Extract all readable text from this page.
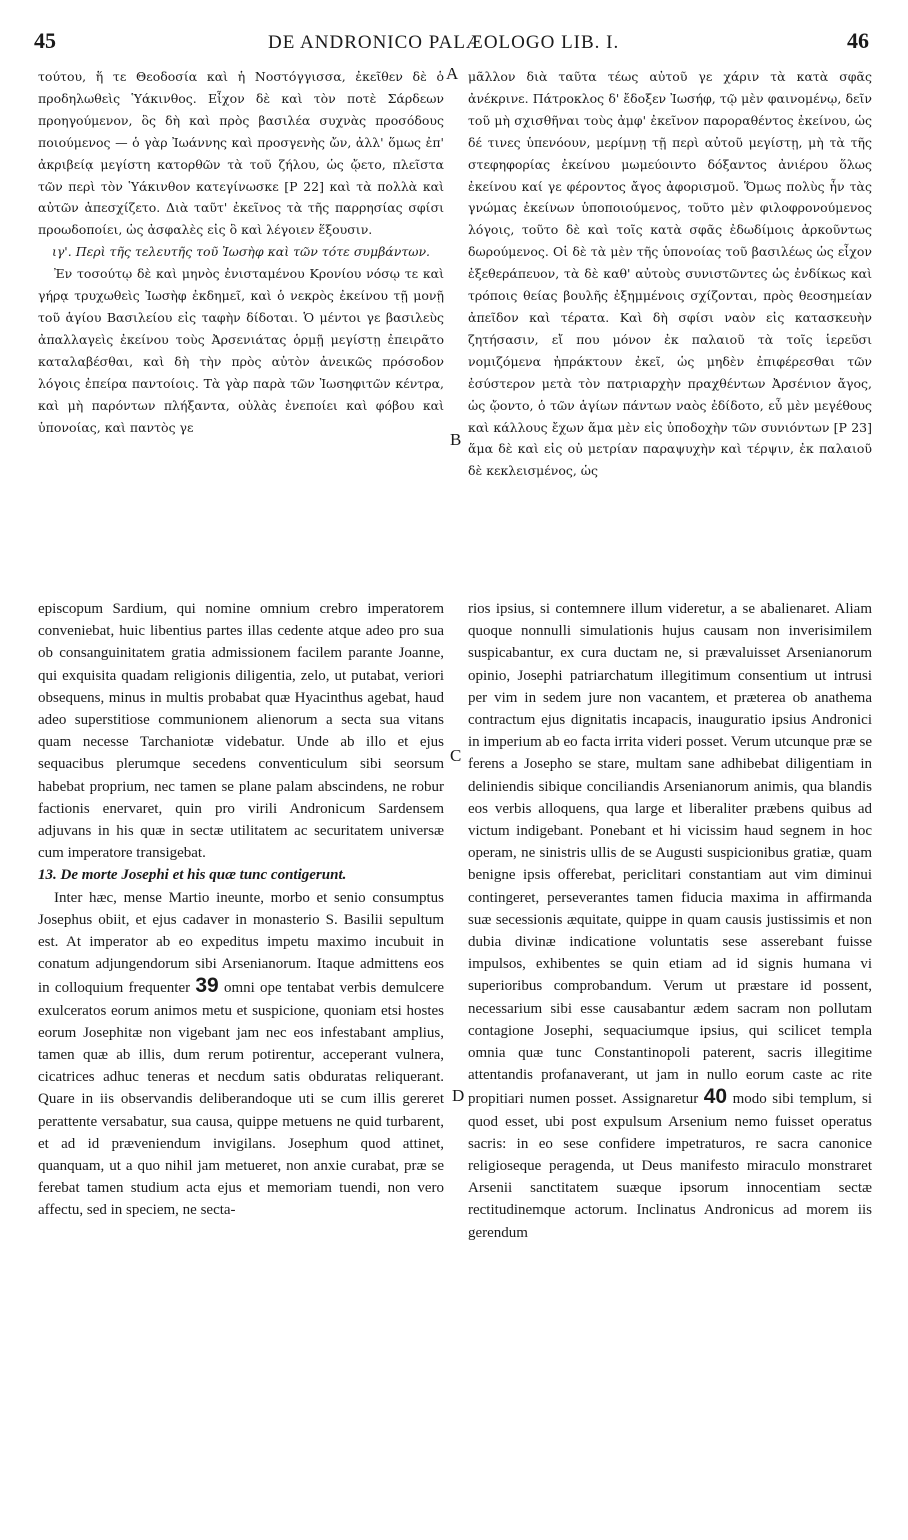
45	DE ANDRONICO PALÆOLOGO LIB. I.	46

τούτου, ἥ τε Θεοδοσία καὶ ἡ Νοστόγγισσα, ἐκεῖθεν δὲ ὁ προδηλωθεὶς Ὑάκινθος. Εἶχον δὲ καὶ τὸν ποτὲ Σάρδεων προηγούμενον, ὃς δὴ καὶ πρὸς βασιλέα συχνὰς προσόδους ποιούμενος — ὁ γὰρ Ἰωάννης καὶ προσγενὴς ὤν, ἀλλ' ὅμως ἐπ' ἀκριβείᾳ μεγίστη κατορθῶν τὰ τοῦ ζήλου, ὡς ᾤετο, πλεῖστα τῶν περὶ τὸν Ὑάκινθον κατεγίνωσκε [P 22] καὶ τὰ πολλὰ καὶ αὐτῶν ἀπεσχίζετο. Διὰ ταῦτ' ἐκεῖνος τὰ τῆς παρρησίας σφίσι προωδοποίει, ὡς ἀσφαλὲς εἰς ὃ καὶ λέγοιεν ἕξουσιν.

ιγ'. Περὶ τῆς τελευτῆς τοῦ Ἰωσὴφ καὶ τῶν τότε συμβάντων.

Ἐν τοσούτῳ δὲ καὶ μηνὸς ἐνισταμένου Κρονίου νόσῳ τε καὶ γήρᾳ τρυχωθεὶς Ἰωσὴφ ἐκδημεῖ, καὶ ὁ νεκρὸς ἐκείνου τῇ μονῇ τοῦ ἁγίου Βασιλείου εἰς ταφὴν δίδοται. Ὁ μέντοι γε βασιλεὺς ἀπαλλαγεὶς ἐκείνου τοὺς Ἀρσενιάτας ὁρμῇ μεγίστῃ ἐπειρᾶτο καταλαβέσθαι, καὶ δὴ τὴν πρὸς αὐτὸν ἀνεικῶς πρόσοδον λόγοις ἐπείρα παντοίοις. Τὰ γὰρ παρὰ τῶν Ἰωσηφιτῶν κέντρα, καὶ μὴ παρόντων πλήξαντα, οὐλὰς ἐνεποίει καὶ φόβου καὶ ὑπονοίας, καὶ παντὸς γε

μᾶλλον διὰ ταῦτα τέως αὐτοῦ γε χάριν τὰ κατὰ σφᾶς ἀνέκρινε. Πάτροκλος δ' ἔδοξεν Ἰωσήφ, τῷ μὲν φαινομένῳ, δεῖν τοῦ μὴ σχισθῆναι τοὺς ἀμφ' ἐκεῖνον παροραθέντος ἐκείνου, ὡς δέ τινες ὑπενόουν, μερίμνῃ τῇ περὶ αὐτοῦ μεγίστῃ, μὴ τὰ τῆς στεφηφορίας ἐκείνου μωμεύοιντο δόξαντος ἀνιέρου ὅλως ἐκείνου καί γε φέροντος ἄγος ἀφορισμοῦ. Ὅμως πολὺς ἦν τὰς γνώμας ἐκείνων ὑποποιούμενος, τοῦτο μὲν φιλοφρονούμενος λόγοις, τοῦτο δὲ καὶ τοῖς κατὰ σφᾶς ἐδωδίμοις ἀρκοῦντως δωρούμενος. Οἱ δὲ τὰ μὲν τῆς ὑπονοίας τοῦ βασιλέως ὡς εἶχον ἐξεθεράπευον, τὰ δὲ καθ' αὐτοὺς συνιστῶντες ὡς ἐνδίκως καὶ τρόποις θείας βουλῆς ἐξημμένοις σχίζονται, πρὸς θεοσημείαν ἀπεῖδον καὶ τέρατα. Καὶ δὴ σφίσι ναὸν εἰς κατασκευὴν ζητήσασιν, εἴ που μόνον ἐκ παλαιοῦ τὰ τοῖς ἱερεῦσι νομιζόμενα ἠπράκτουν ἐκεῖ, ὡς μηδὲν ἐπιφέρεσθαι τῶν ἐσύστερον μετὰ τὸν πατριαρχὴν πραχθέντων Ἀρσένιον ἄγος, ὡς ᾤοντο, ὁ τῶν ἁγίων πάντων ναὸς ἐδίδοτο, εὖ μὲν μεγέθους καὶ κάλλους ἔχων ἅμα μὲν εἰς ὑποδοχὴν τῶν συνιόντων [P 23] ἅμα δὲ καὶ εἰς οὐ μετρίαν παραψυχὴν καὶ τέρψιν, ἐκ παλαιοῦ δὲ κεκλεισμένος, ὡς

A
B
C
D

episcopum Sardium, qui nomine omnium crebro imperatorem conveniebat, huic libentius partes illas cedente atque adeo pro sua ob consanguinitatem gratia admissionem facilem parante Joanne, qui exquisita quadam religionis diligentia, zelo, ut putabat, veriori obsequens, minus in multis probabat quæ Hyacinthus agebat, haud adeo superstitiose communionem alienorum a secta sua vitans quam necesse Tarchaniotæ videbatur. Unde ab illo et ejus sequacibus plerumque secedens conventiculum sibi seorsum habebat proprium, nec tamen se plane palam abscindens, ne robur factionis enervaret, quin pro virili Andronicum Sardensem adjuvans in his quæ in sectæ utilitatem ac securitatem universæ cum imperatore transigebat.

13. De morte Josephi et his quæ tunc contigerunt.

Inter hæc, mense Martio ineunte, morbo et senio consumptus Josephus obiit, et ejus cadaver in monasterio S. Basilii sepultum est. At imperator ab eo expeditus impetu maximo incubuit in conatum adjungendorum sibi Arsenianorum. Itaque admittens eos in colloquium frequenter 39 omni ope tentabat verbis demulcere exulceratos eorum animos metu et suspicione, quoniam etsi hostes eorum Josephitæ non vigebant jam nec eos infestabant amplius, tamen quæ ab illis, dum rerum potirentur, acceperant vulnera, cicatrices adhuc teneras et necdum satis obduratas reliquerant. Quare in iis observandis deliberandoque uti se cum illis gereret perattente versabatur, sua causa, quippe metuens ne quid turbarent, et ad id præveniendum invigilans. Josephum quod attinet, quanquam, ut a quo nihil jam metueret, non anxie curabat, præ se ferebat tamen studium acta ejus et memoriam tuendi, non vero affectu, sed in speciem, ne secta-

rios ipsius, si contemnere illum videretur, a se abalienaret. Aliam quoque nonnulli simulationis hujus causam non inverisimilem suspicabantur, ex cura ductam ne, si prævaluisset Arsenianorum opinio, Josephi patriarchatum illegitimum consentium ut intrusi per vim in sedem jure non vacantem, et præterea ob anathema contractum ejus dignitatis incapacis, inauguratio ipsius Andronici in imperium ab eo facta irrita videri posset. Verum utcunque præ se ferens a Josepho se stare, multam sane adhibebat diligentiam in deliniendis sibique conciliandis Arsenianorum animis, qua blandis eos verbis alloquens, qua large et liberaliter præbens quibus ad victum indigebant. Ponebant et hi vicissim haud segnem in hoc operam, ne sinistris ullis de se Augusti suspicionibus gratiæ, quam benigne ipsis offerebat, periclitari constantiam aut vim diminui contingeret, perseverantes tamen fiducia maxima in affirmanda suæ secessionis æquitate, quippe in quam causis justissimis et non dubia divinæ indicatione voluntatis sese asserebant fuisse impulsos, exhibentes se quin etiam ad id signis humana vi superioribus comprobandum. Verum ut præstare id possent, necessarium sibi esse causabantur ædem sacram non pollutam contagione Josephi, sequaciumque ipsius, qui scilicet templa omnia quæ tunc Constantinopoli paterent, sacris illegitime attentandis profanaverant, ut jam in nullo eorum caste ac rite propitiari numen posset. Assignaretur 40 modo sibi templum, si quod esset, ubi post expulsum Arsenium nemo fuisset operatus sacris: in eo sese confidere impetraturos, re sacra canonice religioseque peragenda, ut Deus manifesto miraculo monstraret Arsenii sanctitatem suæque ipsorum innocentiam sectæ rectitudinemque actorum. Inclinatus Andronicus ad morem iis gerendum
